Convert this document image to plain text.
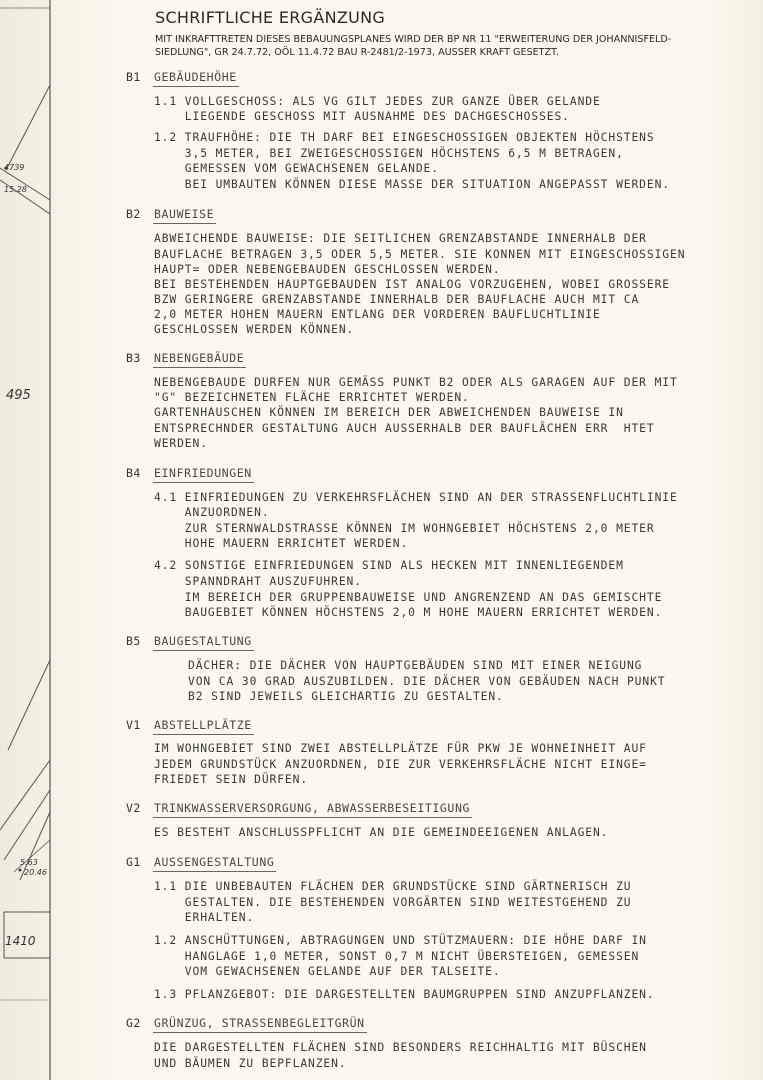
4739
15.28
495
5.63
20.46
1410
SCHRIFTLICHE ERGÄNZUNG
MIT INKRAFTTRETEN DIESES BEBAUUNGSPLANES WIRD DER BP NR 11 "ERWEITERUNG DER JOHANNISFELD-
SIEDLUNG", GR 24.7.72, OÖL 11.4.72 BAU R-2481/2-1973, AUSSER KRAFT GESETZT.
B1 GEBÄUDEHÖHE
1.1 VOLLGESCHOSS: ALS VG GILT JEDES ZUR GANZE ÜBER GELANDE
LIEGENDE GESCHOSS MIT AUSNAHME DES DACHGESCHOSSES.
1.2 TRAUFHÖHE: DIE TH DARF BEI EINGESCHOSSIGEN OBJEKTEN HÖCHSTENS
3,5 METER, BEI ZWEIGESCHOSSIGEN HÖCHSTENS 6,5 M BETRAGEN,
GEMESSEN VOM GEWACHSENEN GELANDE.
BEI UMBAUTEN KÖNNEN DIESE MASSE DER SITUATION ANGEPASST WERDEN.
B2 BAUWEISE
ABWEICHENDE BAUWEISE: DIE SEITLICHEN GRENZABSTANDE INNERHALB DER
BAUFLACHE BETRAGEN 3,5 ODER 5,5 METER. SIE KONNEN MIT EINGESCHOSSIGEN
HAUPT= ODER NEBENGEBAUDEN GESCHLOSSEN WERDEN.
BEI BESTEHENDEN HAUPTGEBAUDEN IST ANALOG VORZUGEHEN, WOBEI GROSSERE
BZW GERINGERE GRENZABSTANDE INNERHALB DER BAUFLACHE AUCH MIT CA
2,0 METER HOHEN MAUERN ENTLANG DER VORDEREN BAUFLUCHTLINIE
GESCHLOSSEN WERDEN KÖNNEN.
B3 NEBENGEBÄUDE
NEBENGEBAUDE DURFEN NUR GEMÄSS PUNKT B2 ODER ALS GARAGEN AUF DER MIT
"G" BEZEICHNETEN FLÄCHE ERRICHTET WERDEN.
GARTENHAUSCHEN KÖNNEN IM BEREICH DER ABWEICHENDEN BAUWEISE IN
ENTSPRECHNDER GESTALTUNG AUCH AUSSERHALB DER BAUFLÄCHEN ERR  HTET
WERDEN.
B4 EINFRIEDUNGEN
4.1 EINFRIEDUNGEN ZU VERKEHRSFLÄCHEN SIND AN DER STRASSENFLUCHTLINIE
ANZUORDNEN.
ZUR STERNWALDSTRASSE KÖNNEN IM WOHNGEBIET HÖCHSTENS 2,0 METER
HOHE MAUERN ERRICHTET WERDEN.
4.2 SONSTIGE EINFRIEDUNGEN SIND ALS HECKEN MIT INNENLIEGENDEM
SPANNDRAHT AUSZUFUHREN.
IM BEREICH DER GRUPPENBAUWEISE UND ANGRENZEND AN DAS GEMISCHTE
BAUGEBIET KÖNNEN HÖCHSTENS 2,0 M HOHE MAUERN ERRICHTET WERDEN.
B5 BAUGESTALTUNG
DÄCHER: DIE DÄCHER VON HAUPTGEBÄUDEN SIND MIT EINER NEIGUNG
VON CA 30 GRAD AUSZUBILDEN. DIE DÄCHER VON GEBÄUDEN NACH PUNKT
B2 SIND JEWEILS GLEICHARTIG ZU GESTALTEN.
V1 ABSTELLPLÄTZE
IM WOHNGEBIET SIND ZWEI ABSTELLPLÄTZE FÜR PKW JE WOHNEINHEIT AUF
JEDEM GRUNDSTÜCK ANZUORDNEN, DIE ZUR VERKEHRSFLÄCHE NICHT EINGE=
FRIEDET SEIN DÜRFEN.
V2 TRINKWASSERVERSORGUNG, ABWASSERBESEITIGUNG
ES BESTEHT ANSCHLUSSPFLICHT AN DIE GEMEINDEEIGENEN ANLAGEN.
G1 AUSSENGESTALTUNG
1.1 DIE UNBEBAUTEN FLÄCHEN DER GRUNDSTÜCKE SIND GÄRTNERISCH ZU
GESTALTEN. DIE BESTEHENDEN VORGÄRTEN SIND WEITESTGEHEND ZU
ERHALTEN.
1.2 ANSCHÜTTUNGEN, ABTRAGUNGEN UND STÜTZMAUERN: DIE HÖHE DARF IN
HANGLAGE 1,0 METER, SONST 0,7 M NICHT ÜBERSTEIGEN, GEMESSEN
VOM GEWACHSENEN GELANDE AUF DER TALSEITE.
1.3 PFLANZGEBOT: DIE DARGESTELLTEN BAUMGRUPPEN SIND ANZUPFLANZEN.
G2 GRÜNZUG, STRASSENBEGLEITGRÜN
DIE DARGESTELLTEN FLÄCHEN SIND BESONDERS REICHHALTIG MIT BÜSCHEN
UND BÄUMEN ZU BEPFLANZEN.
